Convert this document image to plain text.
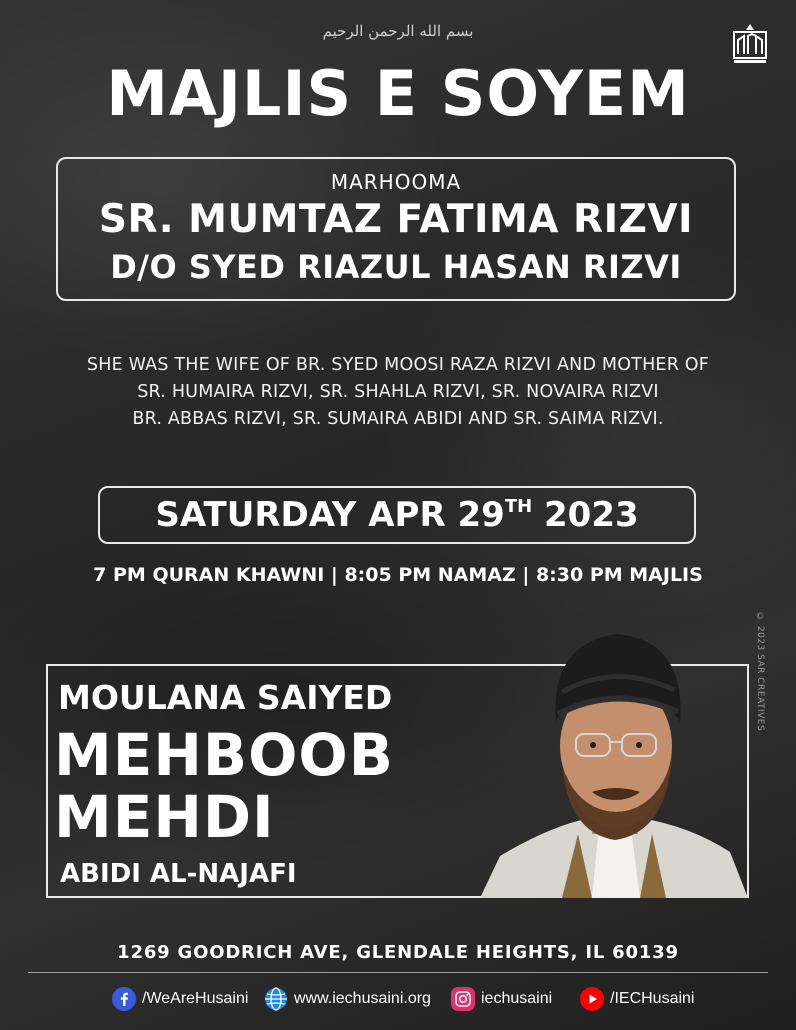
بسم الله الرحمن الرحیم
MAJLIS E SOYEM
MARHOOMA
SR. MUMTAZ FATIMA RIZVI
D/O SYED RIAZUL HASAN RIZVI
SHE WAS THE WIFE OF BR. SYED MOOSI RAZA RIZVI AND MOTHER OF
SR. HUMAIRA RIZVI, SR. SHAHLA RIZVI, SR. NOVAIRA RIZVI
BR. ABBAS RIZVI, SR. SUMAIRA ABIDI AND SR. SAIMA RIZVI.
SATURDAY APR 29TH 2023
7 PM QURAN KHAWNI | 8:05 PM NAMAZ | 8:30 PM MAJLIS
© 2023 SAR CREATIVES
MOULANA SAIYED
MEHBOOB
MEHDI
ABIDI AL-NAJAFI
1269 GOODRICH AVE, GLENDALE HEIGHTS, IL 60139
/WeAreHusaini	www.iechusaini.org	iechusaini	/IECHusaini
